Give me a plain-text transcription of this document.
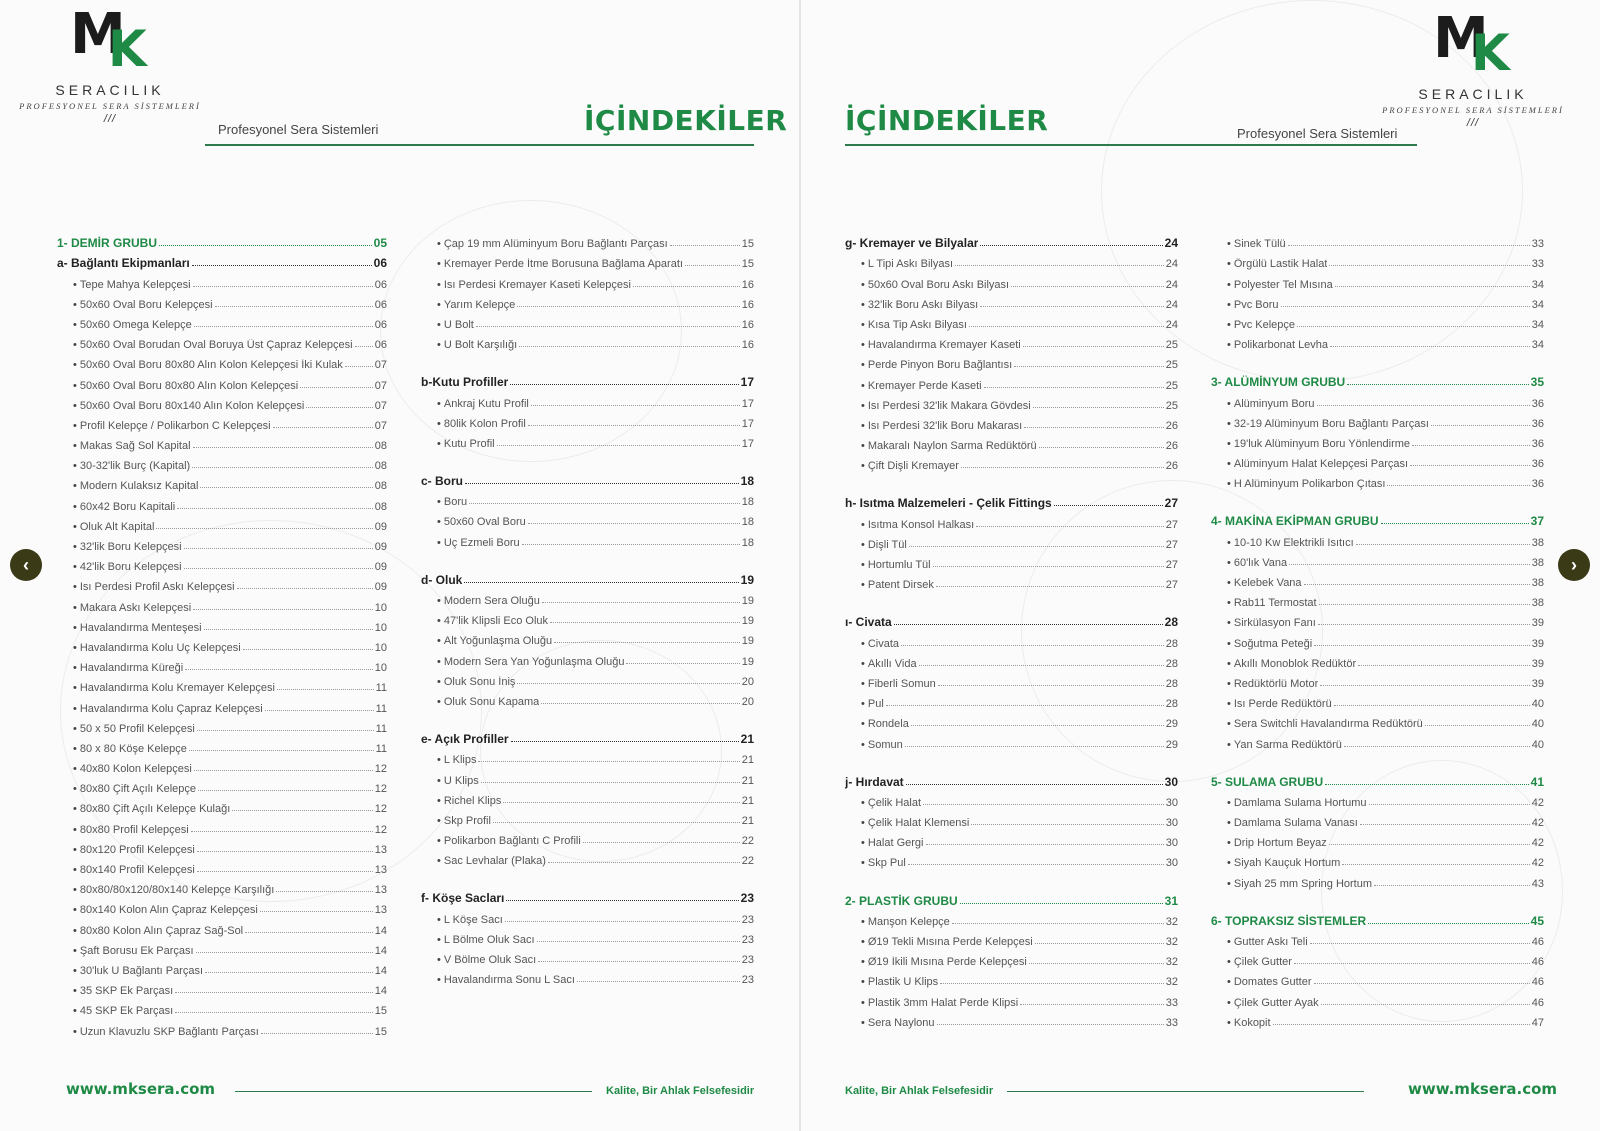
M
K
SERACILIK
PROFESYONEL SERA SİSTEMLERİ
///
Profesyonel Sera Sistemleri	İÇİNDEKİLER
1- DEMİR GRUBU	05
a- Bağlantı Ekipmanları	06
• Tepe Mahya Kelepçesi	06
• 50x60 Oval Boru Kelepçesi	06
• 50x60 Omega Kelepçe	06
• 50x60 Oval Borudan Oval Boruya Üst Çapraz Kelepçesi 06
• 50x60 Oval Boru 80x80 Alın Kolon Kelepçesi İki Kulak	07
• 50x60 Oval Boru 80x80 Alın Kolon Kelepçesi	07
• 50x60 Oval Boru 80x140 Alın Kolon Kelepçesi	07
• Profil Kelepçe / Polikarbon C Kelepçesi	07
• Makas Sağ Sol Kapital	08
• 30-32'lik Burç (Kapital)	08
• Modern Kulaksız Kapital	08
• 60x42 Boru Kapitali	08
• Oluk Alt Kapital	09
• 32'lik Boru Kelepçesi	09
• 42'lik Boru Kelepçesi	09
• Isı Perdesi Profil Askı Kelepçesi	09
• Makara Askı Kelepçesi	10
• Havalandırma Menteşesi	10
• Havalandırma Kolu Uç Kelepçesi	10
• Havalandırma Küreği	10
• Havalandırma Kolu Kremayer Kelepçesi	11
• Havalandırma Kolu Çapraz Kelepçesi	11
• 50 x 50 Profil Kelepçesi	11
• 80 x 80 Köşe Kelepçe	11
• 40x80 Kolon Kelepçesi	12
• 80x80 Çift Açılı Kelepçe	12
• 80x80 Çift Açılı Kelepçe Kulağı	12
• 80x80 Profil Kelepçesi	12
• 80x120 Profil Kelepçesi	13
• 80x140 Profil Kelepçesi	13
• 80x80/80x120/80x140 Kelepçe Karşılığı	13
• 80x140 Kolon Alın Çapraz Kelepçesi	13
• 80x80 Kolon Alın Çapraz Sağ-Sol	14
• Şaft Borusu Ek Parçası	14
• 30'luk U Bağlantı Parçası	14
• 35 SKP Ek Parçası	14
• 45 SKP Ek Parçası	15
• Uzun Klavuzlu SKP Bağlantı Parçası	15
• Çap 19 mm Alüminyum Boru Bağlantı Parçası	15
• Kremayer Perde İtme Borusuna Bağlama Aparatı	15
• Isı Perdesi Kremayer Kaseti Kelepçesi	16
• Yarım Kelepçe	16
• U Bolt	16
• U Bolt Karşılığı	16
b-Kutu Profiller	17
• Ankraj Kutu Profil	17
• 80lik Kolon Profil	17
• Kutu Profil	17
c- Boru	18
• Boru	18
• 50x60 Oval Boru	18
• Uç Ezmeli Boru	18
d- Oluk	19
• Modern Sera Oluğu	19
• 47'lik Klipsli Eco Oluk	19
• Alt Yoğunlaşma Oluğu	19
• Modern Sera Yan Yoğunlaşma Oluğu	19
• Oluk Sonu İniş	20
• Oluk Sonu Kapama	20
e- Açık Profiller	21
• L Klips	21
• U Klips	21
• Richel Klips	21
• Skp Profil	21
• Polikarbon Bağlantı C Profili	22
• Sac Levhalar (Plaka)	22
f- Köşe Sacları	23
• L Köşe Sacı	23
• L Bölme Oluk Sacı	23
• V Bölme Oluk Sacı	23
• Havalandırma Sonu L Sacı	23
www.mksera.com	Kalite, Bir Ahlak Felsefesidir
M
K
SERACILIK
PROFESYONEL SERA SİSTEMLERİ
///
İÇİNDEKİLER	Profesyonel Sera Sistemleri
g- Kremayer ve Bilyalar	24
• L Tipi Askı Bilyası	24
• 50x60 Oval Boru Askı Bilyası	24
• 32'lik Boru Askı Bilyası	24
• Kısa Tip Askı Bilyası	24
• Havalandırma Kremayer Kaseti	25
• Perde Pinyon Boru Bağlantısı	25
• Kremayer Perde Kaseti	25
• Isı Perdesi 32'lik Makara Gövdesi	25
• Isı Perdesi 32'lik Boru Makarası	26
• Makaralı Naylon Sarma Redüktörü	26
• Çift Dişli Kremayer	26
h- Isıtma Malzemeleri - Çelik Fittings	27
• Isıtma Konsol Halkası	27
• Dişli Tül	27
• Hortumlu Tül	27
• Patent Dirsek	27
ı- Civata	28
• Civata	28
• Akıllı Vida	28
• Fiberli Somun	28
• Pul	28
• Rondela	29
• Somun	29
j- Hırdavat	30
• Çelik Halat	30
• Çelik Halat Klemensi	30
• Halat Gergi	30
• Skp Pul	30
2- PLASTİK GRUBU	31
• Manşon Kelepçe	32
• Ø19 Tekli Mısına Perde Kelepçesi	32
• Ø19 İkili Mısına Perde Kelepçesi	32
• Plastik U Klips	32
• Plastik 3mm Halat Perde Klipsi	33
• Sera Naylonu	33
• Sinek Tülü	33
• Örgülü Lastik Halat	33
• Polyester Tel Mısına	34
• Pvc Boru	34
• Pvc Kelepçe	34
• Polikarbonat Levha	34
3- ALÜMİNYUM GRUBU	35
• Alüminyum Boru	36
• 32-19 Alüminyum Boru Bağlantı Parçası	36
• 19'luk Alüminyum Boru Yönlendirme	36
• Alüminyum Halat Kelepçesi Parçası	36
• H Alüminyum Polikarbon Çıtası	36
4- MAKİNA EKİPMAN GRUBU	37
• 10-10 Kw Elektrikli Isıtıcı	38
• 60'lık Vana	38
• Kelebek Vana	38
• Rab11 Termostat	38
• Sirkülasyon Fanı	39
• Soğutma Peteği	39
• Akıllı Monoblok Redüktör	39
• Redüktörlü Motor	39
• Isı Perde Redüktörü	40
• Sera Switchli Havalandırma Redüktörü	40
• Yan Sarma Redüktörü	40
5- SULAMA GRUBU	41
• Damlama Sulama Hortumu	42
• Damlama Sulama Vanası	42
• Drip Hortum Beyaz	42
• Siyah Kauçuk Hortum	42
• Siyah 25 mm Spring Hortum	43
6- TOPRAKSIZ SİSTEMLER	45
• Gutter Askı Teli	46
• Çilek Gutter	46
• Domates Gutter	46
• Çilek Gutter Ayak	46
• Kokopit	47
Kalite, Bir Ahlak Felsefesidir	www.mksera.com
‹	›
